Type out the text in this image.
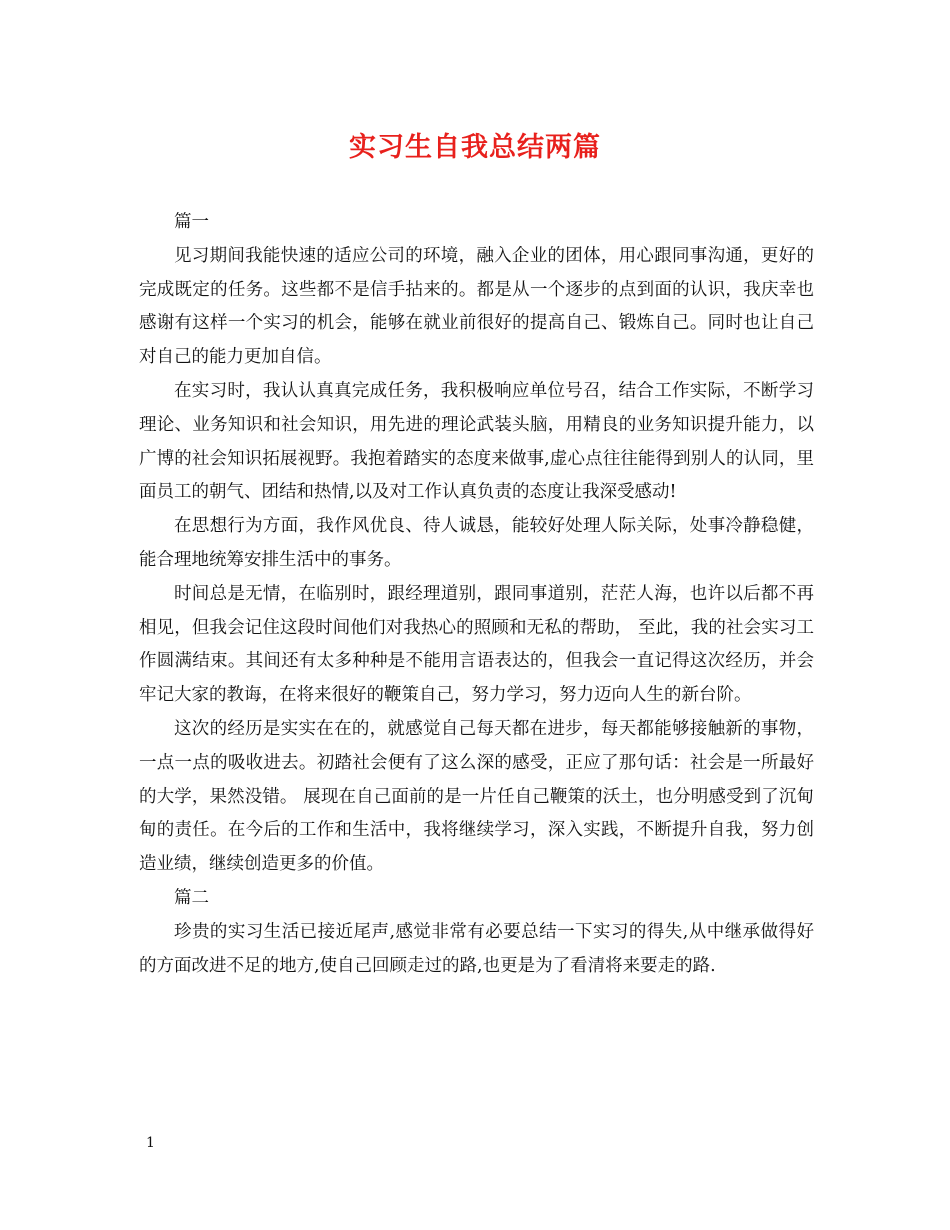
实习生自我总结两篇

篇一

见习期间我能快速的适应公司的环境，融入企业的团体，用心跟同事沟通，更好的完成既定的任务。这些都不是信手拈来的。都是从一个逐步的点到面的认识，我庆幸也感谢有这样一个实习的机会，能够在就业前很好的提高自己、锻炼自己。同时也让自己对自己的能力更加自信。

在实习时，我认认真真完成任务，我积极响应单位号召，结合工作实际，不断学习理论、业务知识和社会知识，用先进的理论武装头脑，用精良的业务知识提升能力，以广博的社会知识拓展视野。我抱着踏实的态度来做事,虚心点往往能得到别人的认同，里面员工的朝气、团结和热情,以及对工作认真负责的态度让我深受感动!

在思想行为方面，我作风优良、待人诚恳，能较好处理人际关际，处事冷静稳健，能合理地统筹安排生活中的事务。

时间总是无情，在临别时，跟经理道别，跟同事道别，茫茫人海，也许以后都不再相见，但我会记住这段时间他们对我热心的照顾和无私的帮助， 至此，我的社会实习工作圆满结束。其间还有太多种种是不能用言语表达的，但我会一直记得这次经历，并会牢记大家的教诲，在将来很好的鞭策自己，努力学习，努力迈向人生的新台阶。

这次的经历是实实在在的，就感觉自己每天都在进步，每天都能够接触新的事物，一点一点的吸收进去。初踏社会便有了这么深的感受，正应了那句话：社会是一所最好的大学，果然没错。 展现在自己面前的是一片任自己鞭策的沃土，也分明感受到了沉甸甸的责任。在今后的工作和生活中，我将继续学习，深入实践，不断提升自我，努力创造业绩，继续创造更多的价值。

篇二

珍贵的实习生活已接近尾声,感觉非常有必要总结一下实习的得失,从中继承做得好的方面改进不足的地方,使自己回顾走过的路,也更是为了看清将来要走的路.

1
